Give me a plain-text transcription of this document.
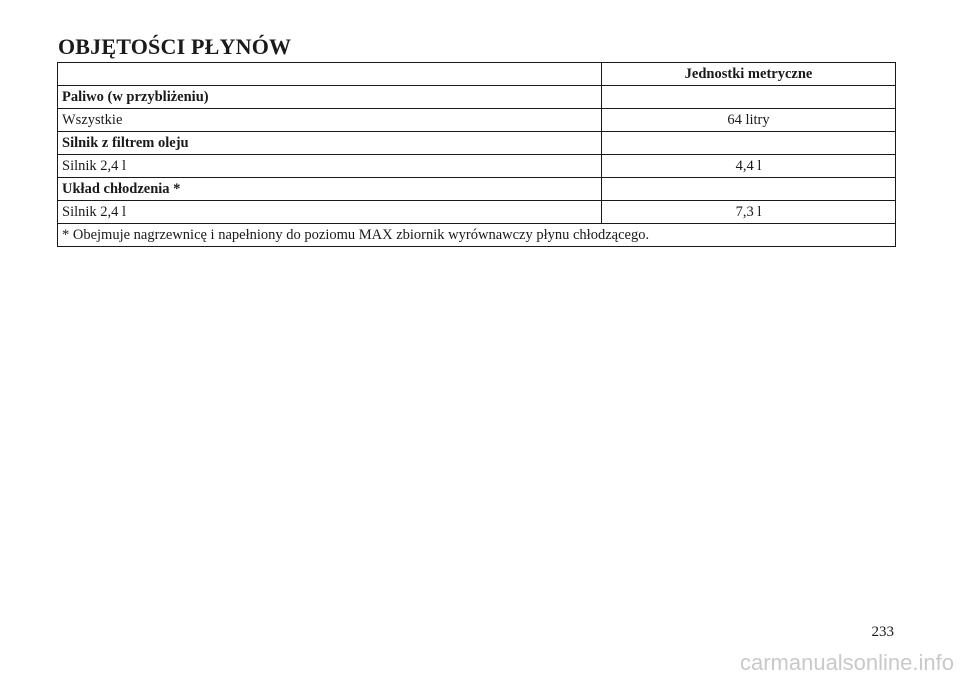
OBJĘTOŚCI PŁYNÓW
	Jednostki metryczne
Paliwo (w przybliżeniu)	
Wszystkie	64 litry
Silnik z filtrem oleju	
Silnik 2,4 l	4,4 l
Układ chłodzenia *	
Silnik 2,4 l	7,3 l
* Obejmuje nagrzewnicę i napełniony do poziomu MAX zbiornik wyrównawczy płynu chłodzącego.	
233
carmanualsonline.info
